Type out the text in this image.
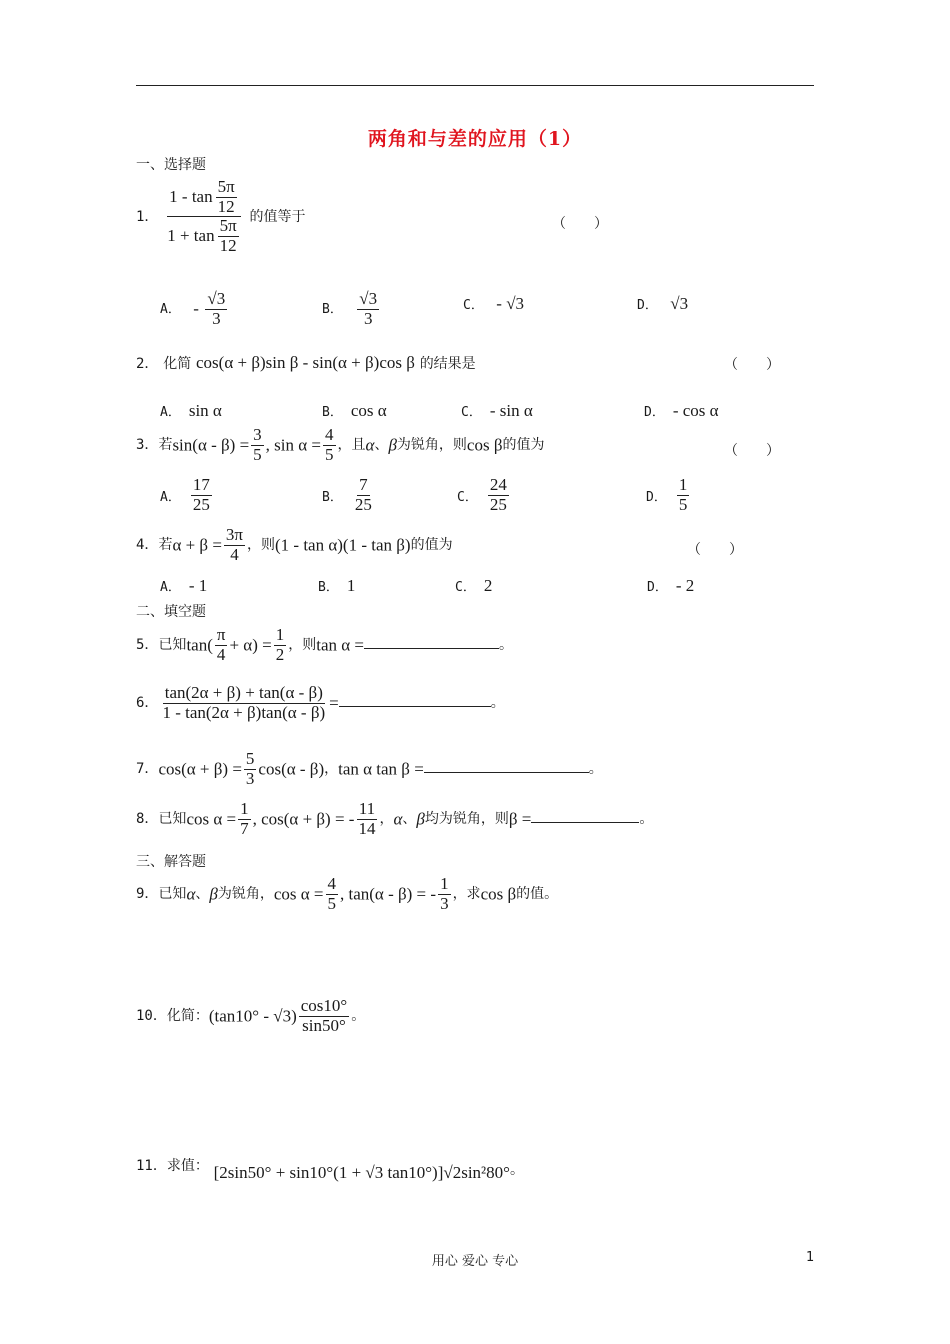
两角和与差的应用（1）
一、选择题
1． $\frac{1 - \tan \frac{5\pi}{12}}{1 + \tan \frac{5\pi}{12}}$ 的值等于	（　　）
A． - $\frac{√3}{3}$	B． $\frac{√3}{3}$	C． - √3	D． √3
2． 化简 cos(α + β)sin β - sin(α + β)cos β 的结果是	（　　）
A． sin α	B． cos α	C． - sin α	D． - cos α
3．若$\sin(\alpha - \beta) = \frac{3}{5}$ , $\sin \alpha = \frac{4}{5}$ ，且α、β为锐角，则cos β的值为	（　　）
A． $\frac{17}{25}$	B． $\frac{7}{25}$	C． $\frac{24}{25}$	D． $\frac{1}{5}$
4．若$\alpha + \beta = \frac{3\pi}{4}$ ，则(1 - tan α)(1 - tan β)的值为	（　　）
A． - 1	B． 1	C． 2	D． - 2
二、填空题
5．已知$\tan( \frac{\pi}{4} + \alpha) = \frac{1}{2}$ ，则tan α =	。
6． $\frac{\tan(2\alpha + \beta) + \tan(\alpha - \beta)}{1 - \tan(2\alpha + \beta)\tan(\alpha - \beta)}$ =	。
7．$\cos(\alpha + \beta) = \frac{5}{3} \cos(\alpha - \beta)$，tan α tan β =	。
8．已知$\cos \alpha = \frac{1}{7}$ , cos(α + β) = - $\frac{11}{14}$ ，α、β均为锐角，则β =	。
三、解答题
9．已知α、β为锐角，$\cos \alpha = \frac{4}{5}$ , tan(α - β) = - $\frac{1}{3}$ ，求cos β的值。
10．化简：$(\tan 10^\circ - √3) \frac{\cos 10^\circ}{\sin 50^\circ}$ 。
11．求值： [2sin50° + sin10°(1 + √3 tan10°)]√2sin²80°。
用心 爱心 专心	1
